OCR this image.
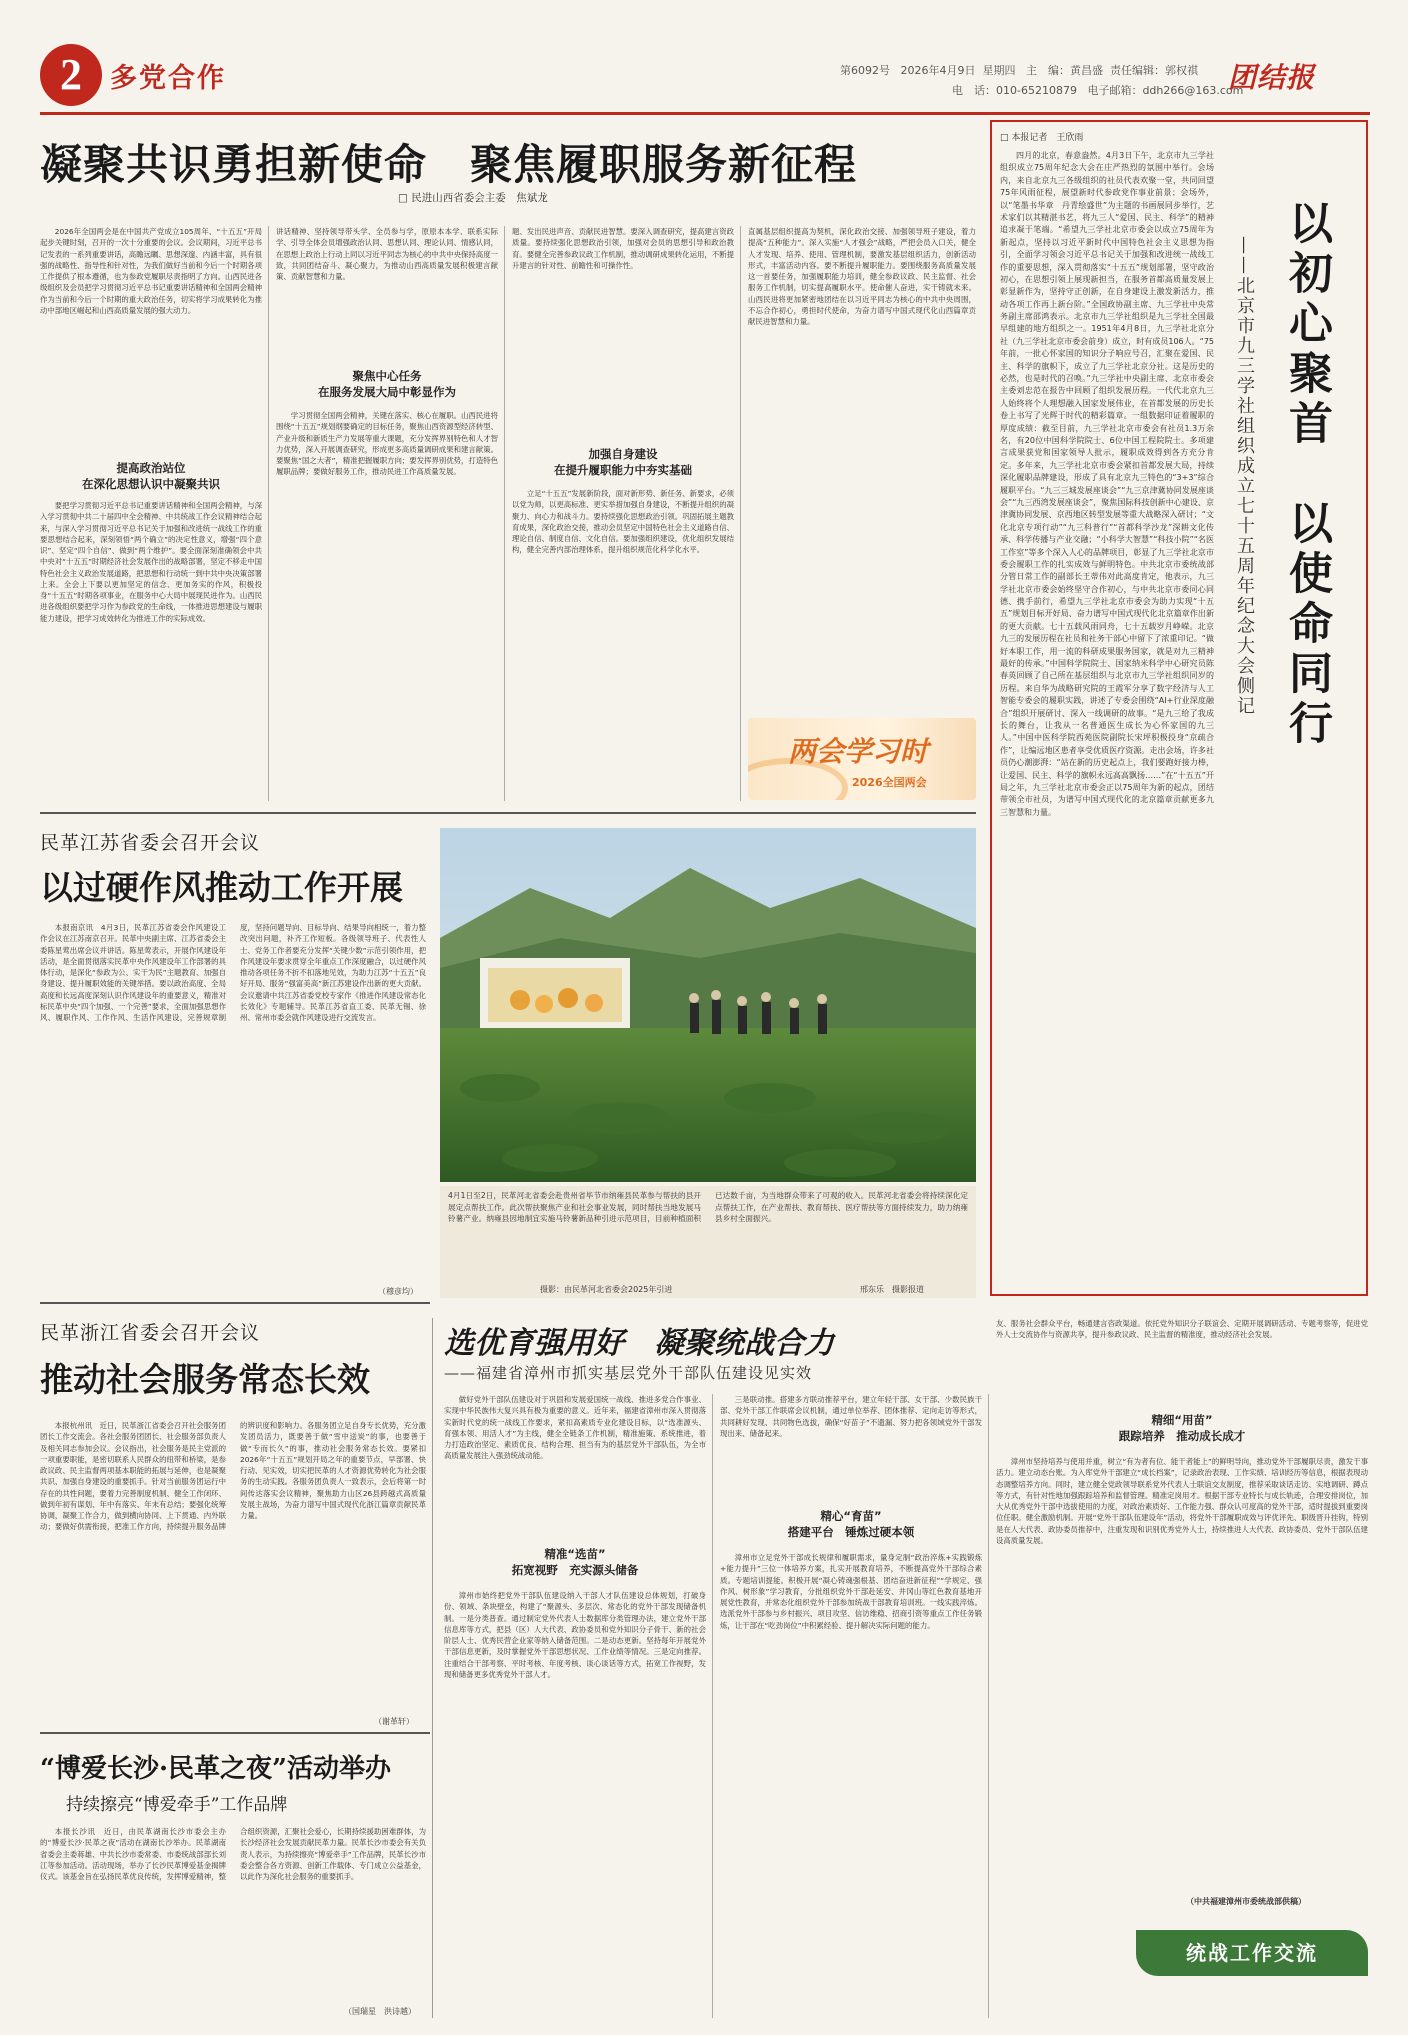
2	多党合作	第6092号 2026年4月9日 星期四 主　编：黄昌盛 责任编辑：郭权祺
电　话：010-65210879 电子邮箱：ddh266@163.com
团结报
凝聚共识勇担新使命　聚焦履职服务新征程
□ 民进山西省委会主委　焦斌龙
2026年全国两会是在中国共产党成立105周年、“十五五”开局起步关键时刻，召开的一次十分重要的会议。会议期间，习近平总书记发表的一系列重要讲话，高瞻远瞩、思想深邃、内涵丰富，具有很强的战略性、指导性和针对性，为我们做好当前和今后一个时期各项工作提供了根本遵循，也为参政党履职尽责指明了方向。山西民进各级组织及会员把学习贯彻习近平总书记重要讲话精神和全国两会精神作为当前和今后一个时期的重大政治任务，切实将学习成果转化为推动中部地区崛起和山西高质量发展的强大动力。
提高政治站位
在深化思想认识中凝聚共识
要把学习贯彻习近平总书记重要讲话精神和全国两会精神，与深入学习贯彻中共二十届四中全会精神、中共统战工作会议精神结合起来，与深入学习贯彻习近平总书记关于加强和改进统一战线工作的重要思想结合起来，深刻领悟“两个确立”的决定性意义，增强“四个意识”、坚定“四个自信”、做到“两个维护”。要全面深刻准确领会中共中央对“十五五”时期经济社会发展作出的战略部署，坚定不移走中国特色社会主义政治发展道路，把思想和行动统一到中共中央决策部署上来。全会上下要以更加坚定的信念、更加务实的作风，积极投身“十五五”时期各项事业，在服务中心大局中展现民进作为。山西民进各级组织要把学习作为参政党的生命线，一体推进思想建设与履职能力建设，把学习成效转化为推进工作的实际成效。
讲话精神、坚持领导带头学、全员参与学，原原本本学、联系实际学、引导全体会员增强政治认同、思想认同、理论认同、情感认同，在思想上政治上行动上同以习近平同志为核心的中共中央保持高度一致，共同团结奋斗、凝心聚力，为推动山西高质量发展积极建言献策、贡献智慧和力量。
聚焦中心任务
在服务发展大局中彰显作为
学习贯彻全国两会精神，关键在落实、核心在履职。山西民进将围绕“十五五”规划纲要确定的目标任务，聚焦山西资源型经济转型、产业升级和新质生产力发展等重大课题，充分发挥界别特色和人才智力优势，深入开展调查研究，形成更多高质量调研成果和建言献策。要聚焦“国之大者”，精准把握履职方向；要发挥界别优势，打造特色履职品牌；要做好服务工作，推动民进工作高质量发展。
题、发出民进声音、贡献民进智慧。要深入调查研究，提高建言资政质量。要持续强化思想政治引领，加强对会员的思想引导和政治教育。要健全完善参政议政工作机制，推动调研成果转化运用，不断提升建言的针对性、前瞻性和可操作性。
加强自身建设
在提升履职能力中夯实基础
立足“十五五”发展新阶段，面对新形势、新任务、新要求，必须以党为师，以更高标准、更实举措加强自身建设，不断提升组织的凝聚力、向心力和战斗力。要持续强化思想政治引领。巩固拓展主题教育成果，深化政治交接，推动会员坚定中国特色社会主义道路自信、理论自信、制度自信、文化自信。要加强组织建设，优化组织发展结构，健全完善内部治理体系，提升组织规范化科学化水平。
直属基层组织提高为契机，深化政治交接、加强领导班子建设，着力提高“五种能力”。深入实施“人才强会”战略，严把会员入口关，健全人才发现、培养、使用、管理机制，要激发基层组织活力，创新活动形式，丰富活动内容。要不断提升履职能力。要围绕服务高质量发展这一首要任务，加强履职能力培训，健全参政议政、民主监督、社会服务工作机制，切实提高履职水平。使命催人奋进，实干铸就未来。山西民进将更加紧密地团结在以习近平同志为核心的中共中央周围，不忘合作初心，勇担时代使命，为奋力谱写中国式现代化山西篇章贡献民进智慧和力量。
两会学习时
2026全国两会
民革江苏省委会召开会议
以过硬作风推动工作开展
本报南京讯　4月3日，民革江苏省委会作风建设工作会议在江苏南京召开。民革中央副主席、江苏省委会主委陈星莺出席会议并讲话。陈星莺表示，开展作风建设年活动，是全面贯彻落实民革中央作风建设年工作部署的具体行动，是深化“参政为公、实干为民”主题教育、加强自身建设、提升履职效能的关键举措。要以政治高度、全局高度和长远高度深刻认识作风建设年的重要意义，精准对标民革中央“四个加强、一个完善”要求，全面加强思想作风、履职作风、工作作风、生活作风建设，完善规章制度，坚持问题导向、目标导向、结果导向相统一，着力整改突出问题，补齐工作短板。各级领导班子、代表性人士、党务工作者要充分发挥“关键少数”示范引领作用，把作风建设年要求贯穿全年重点工作深度融合，以过硬作风推动各项任务不折不扣落地见效，为助力江苏“十五五”良好开局、服务“强富美高”新江苏建设作出新的更大贡献。会议邀请中共江苏省委党校专家作《推进作风建设常态化长效化》专题辅导。民革江苏省直工委、民革无锡、徐州、常州市委会就作风建设进行交流发言。
（穆彦均）
4月1日至2日，民革河北省委会赴贵州省毕节市纳雍县民革参与帮扶的县开展定点帮扶工作。此次帮扶聚焦产业和社会事业发展，同时帮扶当地发展马铃薯产业。纳雍县因地制宜实施马铃薯新品种引进示范项目，目前种植面积已达数千亩，为当地群众带来了可观的收入。民革河北省委会将持续深化定点帮扶工作，在产业帮扶、教育帮扶、医疗帮扶等方面持续发力，助力纳雍县乡村全面振兴。
摄影：由民革河北省委会2025年引进	邢东乐　摄影报道
民革浙江省委会召开会议
推动社会服务常态长效
本报杭州讯　近日，民革浙江省委会召开社会服务团团长工作交流会。各社会服务团团长、社会服务部负责人及相关同志参加会议。会议指出，社会服务是民主党派的一项重要职能，是密切联系人民群众的纽带和桥梁，是参政议政、民主监督两项基本职能的拓展与延伸，也是凝聚共识、加强自身建设的重要抓手。针对当前服务团运行中存在的共性问题，要着力完善制度机制、健全工作闭环、做到年初有谋划、年中有落实、年末有总结；要强化统筹协调，凝聚工作合力，做到横向协同、上下贯通、内外联动；要做好供需衔接，把准工作方向，持续提升服务品牌的辨识度和影响力。各服务团立足自身专长优势，充分激发团员活力，既要善于做“雪中送炭”的事，也要善于做“专而长久”的事，推动社会服务常态长效。要紧扣2026年“十五五”规划开局之年的重要节点，早部署、快行动、见实效，切实把民革的人才资源优势转化为社会服务的生动实践。各服务团负责人一致表示，会后将第一时间传达落实会议精神，聚焦助力山区26县跨越式高质量发展主战场，为奋力谱写中国式现代化浙江篇章贡献民革力量。
（谢革轩）
“博爱长沙·民革之夜”活动举办
持续擦亮“博爱牵手”工作品牌
本报长沙讯　近日，由民革湖南长沙市委会主办的“博爱长沙·民革之夜”活动在湖南长沙举办。民革湖南省委会主委蒋雄、中共长沙市委常委、市委统战部部长刘江等参加活动。活动现场，举办了长沙民革博爱基金揭牌仪式。该基金旨在弘扬民革优良传统，发挥博爱精神，整合组织资源，汇聚社会爱心，长期持续援助困难群体，为长沙经济社会发展贡献民革力量。民革长沙市委会有关负责人表示，为持续擦亮“博爱牵手”工作品牌，民革长沙市委会整合各方资源、创新工作载体、专门成立公益基金，以此作为深化社会服务的重要抓手。
（国瑞星　洪诗越）
□ 本报记者　王欣雨
四月的北京，春意盎然。4月3日下午，北京市九三学社组织成立75周年纪念大会在庄严热烈的氛围中举行。会场内，来自北京九三各级组织的社员代表欢聚一堂，共同回望75年风雨征程，展望新时代参政党作事业前景；会场外，以“笔墨书华章　丹青绘盛世”为主题的书画展同步举行，艺术家们以其精湛书艺，将九三人“爱国、民主、科学”的精神追求凝于笔端。“希望九三学社北京市委会以成立75周年为新起点，坚持以习近平新时代中国特色社会主义思想为指引，全面学习领会习近平总书记关于加强和改进统一战线工作的重要思想，深入贯彻落实“十五五”规划部署，坚守政治初心，在思想引领上展现新担当，在服务首都高质量发展上彰显新作为，坚持守正创新，在自身建设上激发新活力，推动各项工作再上新台阶。”全国政协副主席、九三学社中央常务副主席邵鸿表示。北京市九三学社组织是九三学社全国最早组建的地方组织之一。1951年4月8日，九三学社北京分社（九三学社北京市委会前身）成立，时有成员106人。“75年前，一批心怀家国的知识分子响应号召，汇聚在爱国、民主、科学的旗帜下，成立了九三学社北京分社。这是历史的必然，也是时代的召唤。”九三学社中央副主席、北京市委会主委刘忠范在报告中回顾了组织发展历程。一代代北京九三人始终将个人理想融入国家发展伟业，在首都发展的历史长卷上书写了光辉于时代的精彩篇章。一组数据印证着履职的厚度成绩：截至目前，九三学社北京市委会有社员1.3万余名，有20位中国科学院院士、6位中国工程院院士。多项建言成果获党和国家领导人批示，履职成效得到各方充分肯定。多年来，九三学社北京市委会紧扣首都发展大局，持续深化履职品牌建设，形成了具有北京九三特色的“3+3”综合履职平台。“九三三城发展座谈会”“九三京津冀协同发展座谈会”“九三西湾发展座谈会”，聚焦国际科技创新中心建设、京津冀协同发展、京西地区转型发展等重大战略深入研讨；“文化北京专项行动”“九三科普行”“首都科学沙龙”深耕文化传承、科学传播与产业交融；“小科学大智慧”“科技小院”“名医工作室”等多个深入人心的品牌项目，彰显了九三学社北京市委会履职工作的扎实成效与鲜明特色。中共北京市委统战部分管日常工作的副部长王蒂伟对此高度肯定，他表示，九三学社北京市委会始终坚守合作初心，与中共北京市委同心同德、携手前行，希望九三学社北京市委会为助力实现“十五五”规划目标开好局、奋力谱写中国式现代化北京篇章作出新的更大贡献。七十五载风雨同舟，七十五载岁月峥嵘。北京九三的发展历程在社员和社务干部心中留下了浓重印记。“做好本职工作，用一流的科研成果服务国家，就是对九三精神最好的传承。”中国科学院院士、国家纳米科学中心研究员陈春英回顾了自己所在基层组织与北京市九三学社组织同岁的历程。来自华为战略研究院的王霞军分享了数字经济与人工智能专委会的履职实践，讲述了专委会围绕“AI+行业深度融合”组织开展研讨、深入一线调研的故事。“是九三给了我成长的舞台，让我从一名普通医生成长为心怀家国的九三人。”中国中医科学院西苑医院副院长宋坪积极投身“京疏合作”，让编远地区患者享受优质医疗资源。走出会场，许多社员仍心潮澎湃：“站在新的历史起点上，我们要跑好接力棒，让爱国、民主、科学的旗帜永远高高飘扬……”在“十五五”开局之年，九三学社北京市委会正以75周年为新的起点，团结带领全市社员，为谱写中国式现代化的北京篇章贡献更多九三智慧和力量。
以初心聚首　以使命同行
——北京市九三学社组织成立七十五周年纪念大会侧记
选优育强用好　凝聚统战合力
——福建省漳州市抓实基层党外干部队伍建设见实效
做好党外干部队伍建设对于巩固和发展爱国统一战线、推进多党合作事业、实现中华民族伟大复兴具有极为重要的意义。近年来，福建省漳州市深入贯彻落实新时代党的统一战线工作要求，紧扣高素质专业化建设目标，以“选准源头、育强本领、用活人才”为主线，健全全链条工作机制，精准施策、系统推进，着力打造政治坚定、素质优良、结构合理、担当有为的基层党外干部队伍，为全市高质量发展注入强劲统战动能。
精准“选苗”
拓宽视野　充实源头储备
漳州市始终把党外干部队伍建设纳入干部人才队伍建设总体规划，打破身份、领域、条块壁垒，构建了“聚源头、多层次、常态化的党外干部发现储备机制。一是分类普查。通过制定党外代表人士数据库分类管理办法，建立党外干部信息库等方式，把县（区）人大代表、政协委员和党外知识分子骨干、新的社会阶层人士、优秀民营企业家等纳入储备范围。二是动态更新。坚持每年开展党外干部信息更新，及时掌握党外干部思想状况、工作业绩等情况。三是定向推荐。注重结合干部考察、平时考核、年度考核、谈心谈话等方式，拓宽工作视野，发现和储备更多优秀党外干部人才。
三是联动推。搭建多方联动推荐平台，建立年轻干部、女干部、少数民族干部、党外干部工作联席会议机制，通过单位举荐、团体推荐、定向走访等形式，共同耕好发现、共同物色选拔，确保“好苗子”不遗漏、努力把各领域党外干部发现出来、储备起来。
精心“育苗”
搭建平台　锤炼过硬本领
漳州市立足党外干部成长规律和履职需求，量身定制“政治淬炼+实践锻炼+能力提升”三位一体培养方案，扎实开展教育培养，不断提高党外干部综合素质。专题培训提能。积极开展“凝心铸魂强根基、团结奋进新征程”“学规定、强作风、树形象”学习教育，分批组织党外干部赴延安、井冈山等红色教育基地开展党性教育，并常态化组织党外干部参加统战干部教育培训班。一线实践淬炼。选派党外干部参与乡村振兴、项目攻坚、信访维稳、招商引资等重点工作任务锻炼，让干部在“吃劲岗位”中积累经验、提升解决实际问题的能力。
友、服务社会群众平台，畅通建言咨政渠道。依托党外知识分子联谊会、定期开展调研活动、专题考察等，促进党外人士交流协作与资源共享，提升参政议政、民主监督的精准度，推动经济社会发展。
精细“用苗”
跟踪培养　推动成长成才
漳州市坚持培养与使用并重，树立“有为者有位、能干者能上”的鲜明导向，推动党外干部履职尽责，激发干事活力。建立动态台账。为入库党外干部建立“成长档案”，记录政治表现、工作实绩、培训经历等信息，根据表现动态调整培养方向。同时，建立健全党政领导联系党外代表人士联谊交友制度，推荐采取谈话走访、实地调研、蹲点等方式，有针对性地加强跟踪培养和监督管理。精准定岗用才。根据干部专业特长与成长轨迹，合理安排岗位，加大从优秀党外干部中选拔使用的力度，对政治素质好、工作能力强、群众认可度高的党外干部，适时提拔到重要岗位任职。健全激励机制。开展“党外干部队伍建设年”活动，将党外干部履职成效与评优评先、职级晋升挂钩，特别是在人大代表、政协委员推荐中，注重发现和识别优秀党外人士，持续推进人大代表、政协委员、党外干部队伍建设高质量发展。
（中共福建漳州市委统战部供稿）
统战工作交流
